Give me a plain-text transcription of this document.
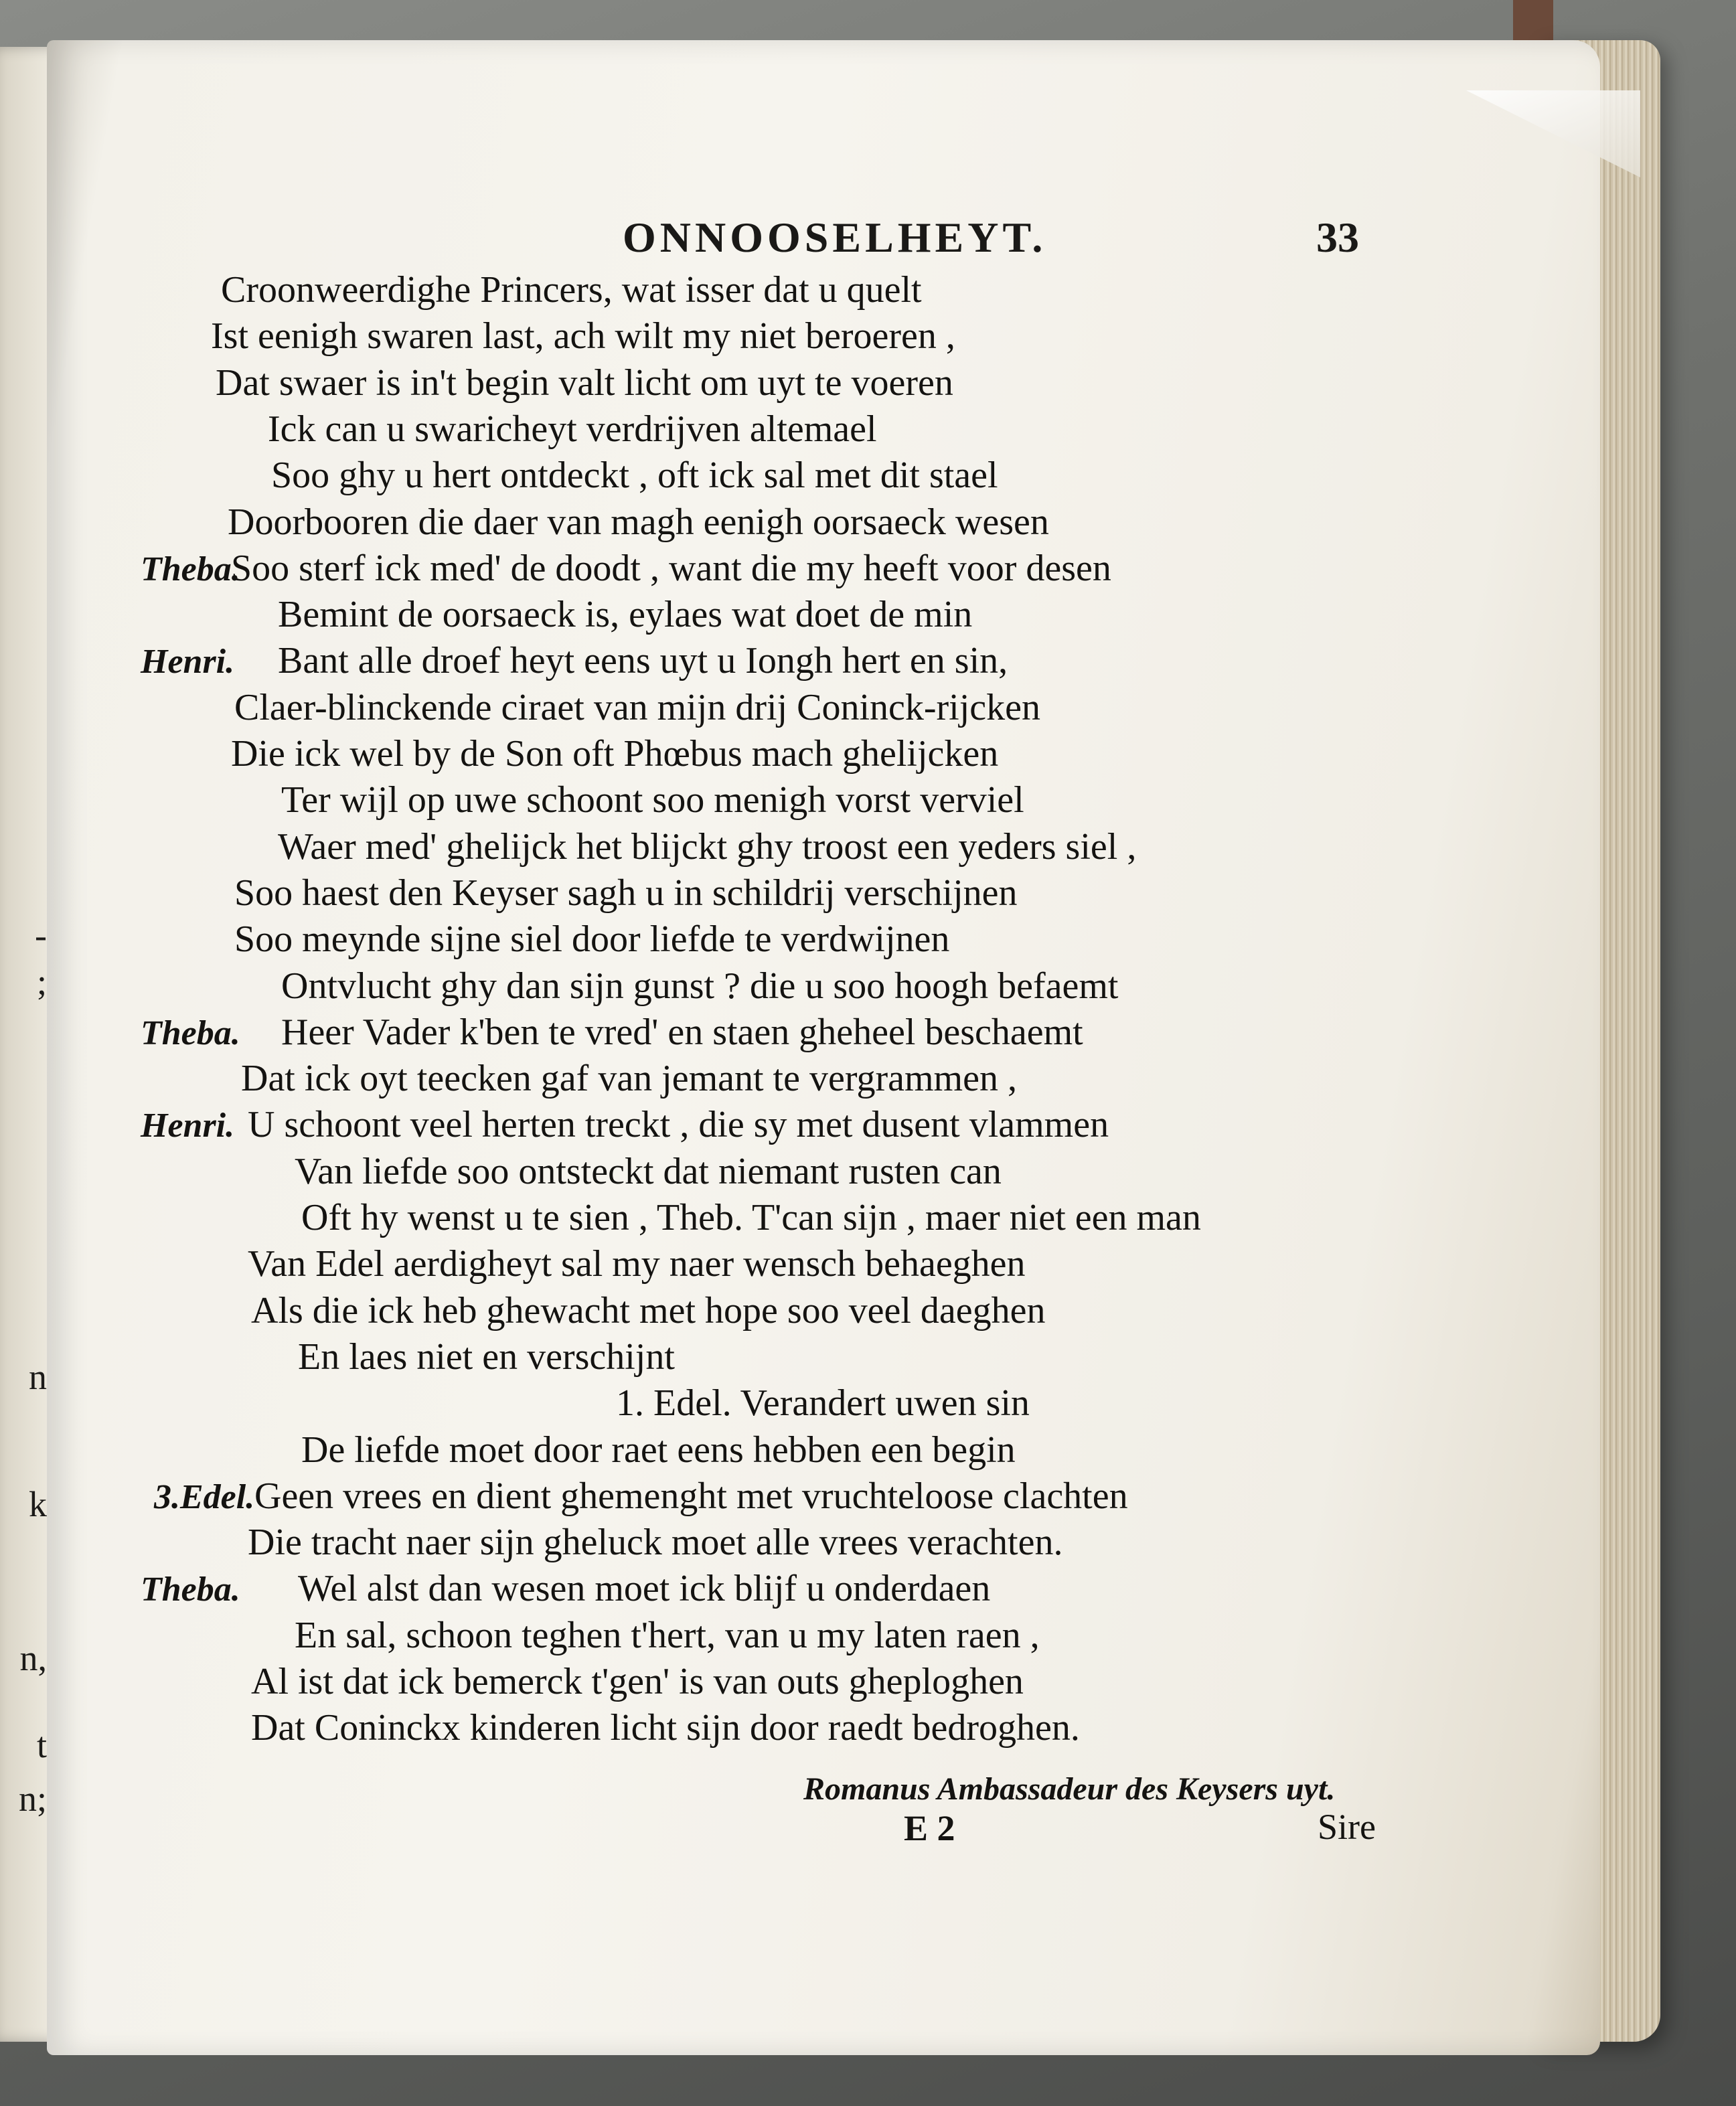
-
;
n
k
n,
t
n;
ONNOOSELHEYT.	33
Croonweerdighe Princers, wat isser dat u quelt
Ist eenigh swaren last, ach wilt my niet beroeren ,
Dat swaer is in't begin valt licht om uyt te voeren
Ick can u swaricheyt verdrijven altemael
Soo ghy u hert ontdeckt , oft ick sal met dit stael
Doorbooren die daer van magh eenigh oorsaeck wesen
Theba.
Soo sterf ick med' de doodt , want die my heeft voor desen
Bemint de oorsaeck is, eylaes wat doet de min
Henri. Bant alle droef heyt eens uyt u Iongh hert en sin,
Claer-blinckende ciraet van mijn drij Coninck-rijcken
Die ick wel by de Son oft Phœbus mach ghelijcken
Ter wijl op uwe schoont soo menigh vorst verviel
Waer med' ghelijck het blijckt ghy troost een yeders siel ,
Soo haest den Keyser sagh u in schildrij verschijnen
Soo meynde sijne siel door liefde te verdwijnen
Ontvlucht ghy dan sijn gunst ? die u soo hoogh befaemt
Theba. Heer Vader k'ben te vred' en staen gheheel beschaemt
Dat ick oyt teecken gaf van jemant te vergrammen ,
Henri. U schoont veel herten treckt , die sy met dusent vlammen
Van liefde soo ontsteckt dat niemant rusten can
Oft hy wenst u te sien , Theb. T'can sijn , maer niet een man
Van Edel aerdigheyt sal my naer wensch behaeghen
Als die ick heb ghewacht met hope soo veel daeghen
En laes niet en verschijnt
1. Edel. Verandert uwen sin
De liefde moet door raet eens hebben een begin
3.Edel. Geen vrees en dient ghemenght met vruchteloose clachten
Die tracht naer sijn gheluck moet alle vrees verachten.
Theba. Wel alst dan wesen moet ick blijf u onderdaen
En sal, schoon teghen t'hert, van u my laten raen ,
Al ist dat ick bemerck t'gen' is van outs gheploghen
Dat Coninckx kinderen licht sijn door raedt bedroghen.
Romanus Ambassadeur des Keysers uyt.
E 2	Sire
